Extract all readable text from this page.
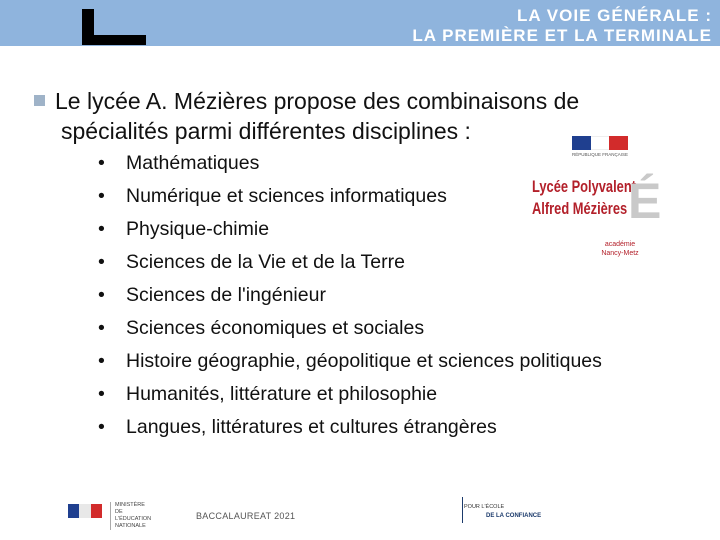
LA VOIE GÉNÉRALE :
LA PREMIÈRE ET LA TERMINALE
Le lycée A. Mézières propose des combinaisons de
spécialités parmi différentes disciplines :
• Mathématiques
• Numérique et sciences informatiques
• Physique-chimie
• Sciences de la Vie et de la Terre
• Sciences de l'ingénieur
• Sciences économiques et sociales
• Histoire géographie, géopolitique et sciences politiques
• Humanités, littérature et philosophie
• Langues, littératures et cultures étrangères
RÉPUBLIQUE FRANÇAISE
Lycée Polyvalent
Alfred Mézières É
académie
Nancy-Metz
MINISTÈRE
DE L'ÉDUCATION
NATIONALE
BACCALAUREAT 2021
POUR L'ÉCOLE
DE LA CONFIANCE
